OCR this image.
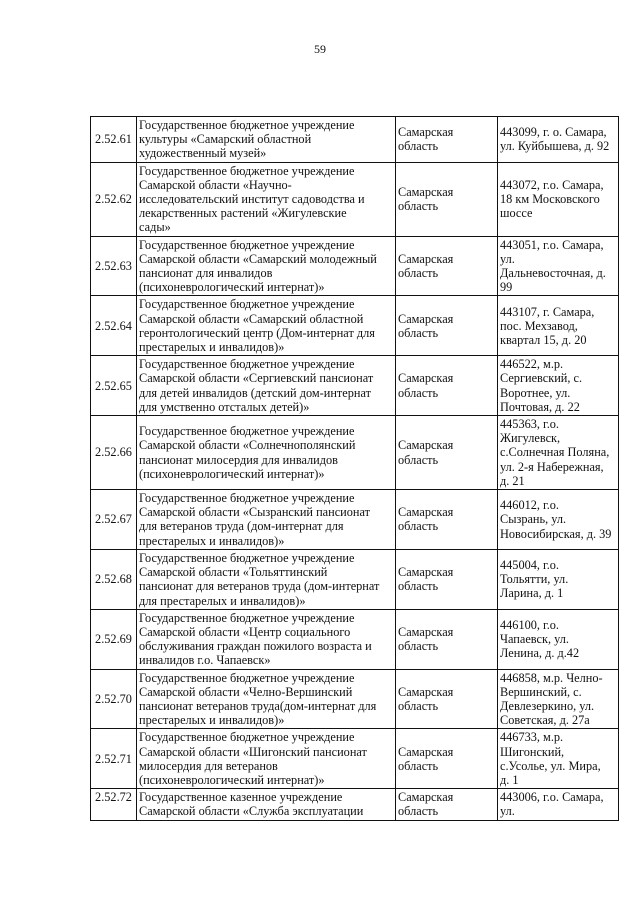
59
2.52.61	Государственное бюджетное учреждение
культуры «Самарский областной
художественный музей»	Самарская
область	443099, г. о. Самара,
ул. Куйбышева, д. 92

2.52.62	Государственное бюджетное учреждение
Самарской области «Научно-
исследовательский институт садоводства и
лекарственных растений «Жигулевские
сады»	Самарская
область	443072, г.о. Самара,
18 км Московского
шоссе

2.52.63	Государственное бюджетное учреждение
Самарской области «Самарский молодежный
пансионат для инвалидов
(психоневрологический интернат)»	Самарская
область	443051, г.о. Самара,
ул.
Дальневосточная, д.
99

2.52.64	Государственное бюджетное учреждение
Самарской области «Самарский областной
геронтологический центр (Дом-интернат для
престарелых и инвалидов)»	Самарская
область	443107, г. Самара,
пос. Мехзавод,
квартал 15, д. 20

2.52.65	Государственное бюджетное учреждение
Самарской области «Сергиевский пансионат
для детей инвалидов (детский дом-интернат
для умственно отсталых детей)»	Самарская
область	446522, м.р.
Сергиевский, с.
Воротнее, ул.
Почтовая, д. 22

2.52.66	Государственное бюджетное учреждение
Самарской области «Солнечнополянский
пансионат милосердия для инвалидов
(психоневрологический интернат)»	Самарская
область	445363, г.о.
Жигулевск,
с.Солнечная Поляна,
ул. 2-я Набережная,
д. 21

2.52.67	Государственное бюджетное учреждение
Самарской области «Сызранский пансионат
для ветеранов труда (дом-интернат для
престарелых и инвалидов)»	Самарская
область	446012, г.о.
Сызрань, ул.
Новосибирская, д. 39

2.52.68	Государственное бюджетное учреждение
Самарской области «Тольяттинский
пансионат для ветеранов труда (дом-интернат
для престарелых и инвалидов)»	Самарская
область	445004, г.о.
Тольятти, ул.
Ларина, д. 1

2.52.69	Государственное бюджетное учреждение
Самарской области «Центр социального
обслуживания граждан пожилого возраста и
инвалидов г.о. Чапаевск»	Самарская
область	446100, г.о.
Чапаевск, ул.
Ленина, д. д.42

2.52.70	Государственное бюджетное учреждение
Самарской области «Челно-Вершинский
пансионат ветеранов труда(дом-интернат для
престарелых и инвалидов)»	Самарская
область	446858, м.р. Челно-
Вершинский, с.
Девлезеркино, ул.
Советская, д. 27а

2.52.71	Государственное бюджетное учреждение
Самарской области «Шигонский пансионат
милосердия для ветеранов
(психоневрологический интернат)»	Самарская
область	446733, м.р.
Шигонский,
с.Усолье, ул. Мира,
д. 1

2.52.72	Государственное казенное учреждение
Самарской области «Служба эксплуатации	Самарская
область	443006, г.о. Самара,
ул.
